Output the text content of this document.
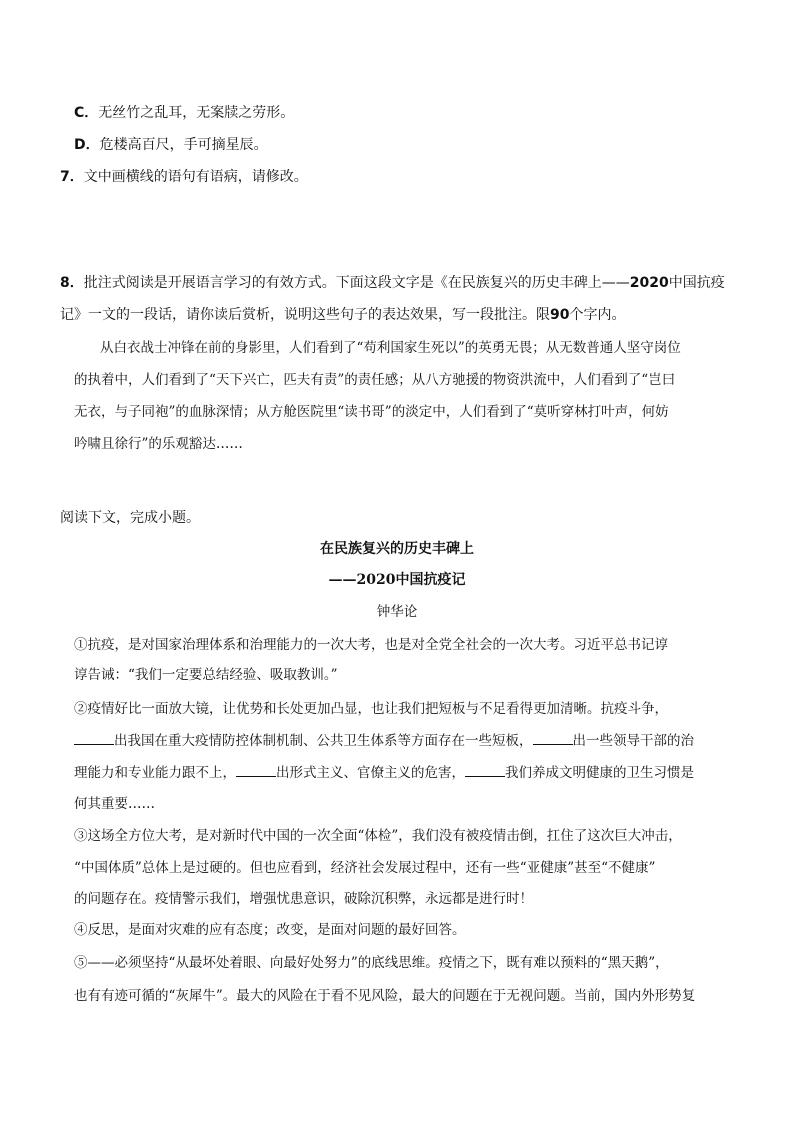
C．无丝竹之乱耳，无案牍之劳形。
D．危楼高百尺，手可摘星辰。
7．文中画横线的语句有语病，请修改。
8．批注式阅读是开展语言学习的有效方式。下面这段文字是《在民族复兴的历史丰碑上——2020中国抗疫
记》一文的一段话，请你读后赏析，说明这些句子的表达效果，写一段批注。限90个字内。
从白衣战士冲锋在前的身影里，人们看到了“苟利国家生死以”的英勇无畏；从无数普通人坚守岗位
的执着中，人们看到了“天下兴亡，匹夫有责”的责任感；从八方驰援的物资洪流中，人们看到了“岂曰
无衣，与子同袍”的血脉深情；从方舱医院里“读书哥”的淡定中，人们看到了“莫听穿林打叶声，何妨
吟啸且徐行”的乐观豁达……
阅读下文，完成小题。
在民族复兴的历史丰碑上
——2020中国抗疫记
钟华论
①抗疫，是对国家治理体系和治理能力的一次大考，也是对全党全社会的一次大考。习近平总书记谆
谆告诫：“我们一定要总结经验、吸取教训。”
②疫情好比一面放大镜，让优势和长处更加凸显，也让我们把短板与不足看得更加清晰。抗疫斗争，
出我国在重大疫情防控体制机制、公共卫生体系等方面存在一些短板，	出一些领导干部的治
理能力和专业能力跟不上，	出形式主义、官僚主义的危害，	我们养成文明健康的卫生习惯是
何其重要……
③这场全方位大考，是对新时代中国的一次全面“体检”，我们没有被疫情击倒，扛住了这次巨大冲击，
“中国体质”总体上是过硬的。但也应看到，经济社会发展过程中，还有一些“亚健康”甚至“不健康”
的问题存在。疫情警示我们，增强忧患意识，破除沉积弊，永远都是进行时！
④反思，是面对灾难的应有态度；改变，是面对问题的最好回答。
⑤——必须坚持“从最坏处着眼、向最好处努力”的底线思维。疫情之下，既有难以预料的“黑天鹅”，
也有有迹可循的“灰犀牛”。最大的风险在于看不见风险，最大的问题在于无视问题。当前，国内外形势复
